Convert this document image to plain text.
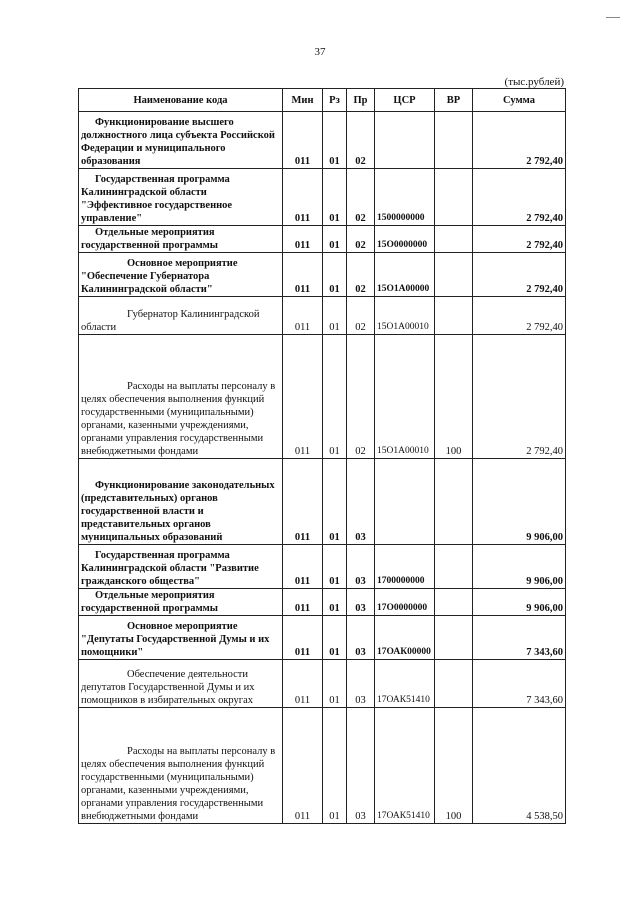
37
(тыс.рублей)
Наименование кода	Мин	Рз	Пр	ЦСР	ВР	Сумма
Функционирование высшего должностного лица субъекта Российской Федерации и муниципального образования	011	01	02			2 792,40
Государственная программа Калининградской области "Эффективное государственное управление"	011	01	02	1500000000		2 792,40
Отдельные мероприятия государственной программы	011	01	02	15О0000000		2 792,40
Основное мероприятие "Обеспечение Губернатора Калининградской области"	011	01	02	15О1А00000		2 792,40
Губернатор Калининградской области	011	01	02	15О1А00010		2 792,40
Расходы на выплаты персоналу в целях обеспечения выполнения функций государственными (муниципальными) органами, казенными учреждениями, органами управления государственными внебюджетными фондами	011	01	02	15О1А00010	100	2 792,40
Функционирование законодательных (представительных) органов государственной власти и представительных органов муниципальных образований	011	01	03			9 906,00
Государственная программа Калининградской области "Развитие гражданского общества"	011	01	03	1700000000		9 906,00
Отдельные мероприятия государственной программы	011	01	03	17О0000000		9 906,00
Основное мероприятие "Депутаты Государственной Думы и их помощники"	011	01	03	17ОАК00000		7 343,60
Обеспечение деятельности депутатов Государственной Думы и их помощников в избирательных округах	011	01	03	17ОАК51410		7 343,60
Расходы на выплаты персоналу в целях обеспечения выполнения функций государственными (муниципальными) органами, казенными учреждениями, органами управления государственными внебюджетными фондами	011	01	03	17ОАК51410	100	4 538,50
